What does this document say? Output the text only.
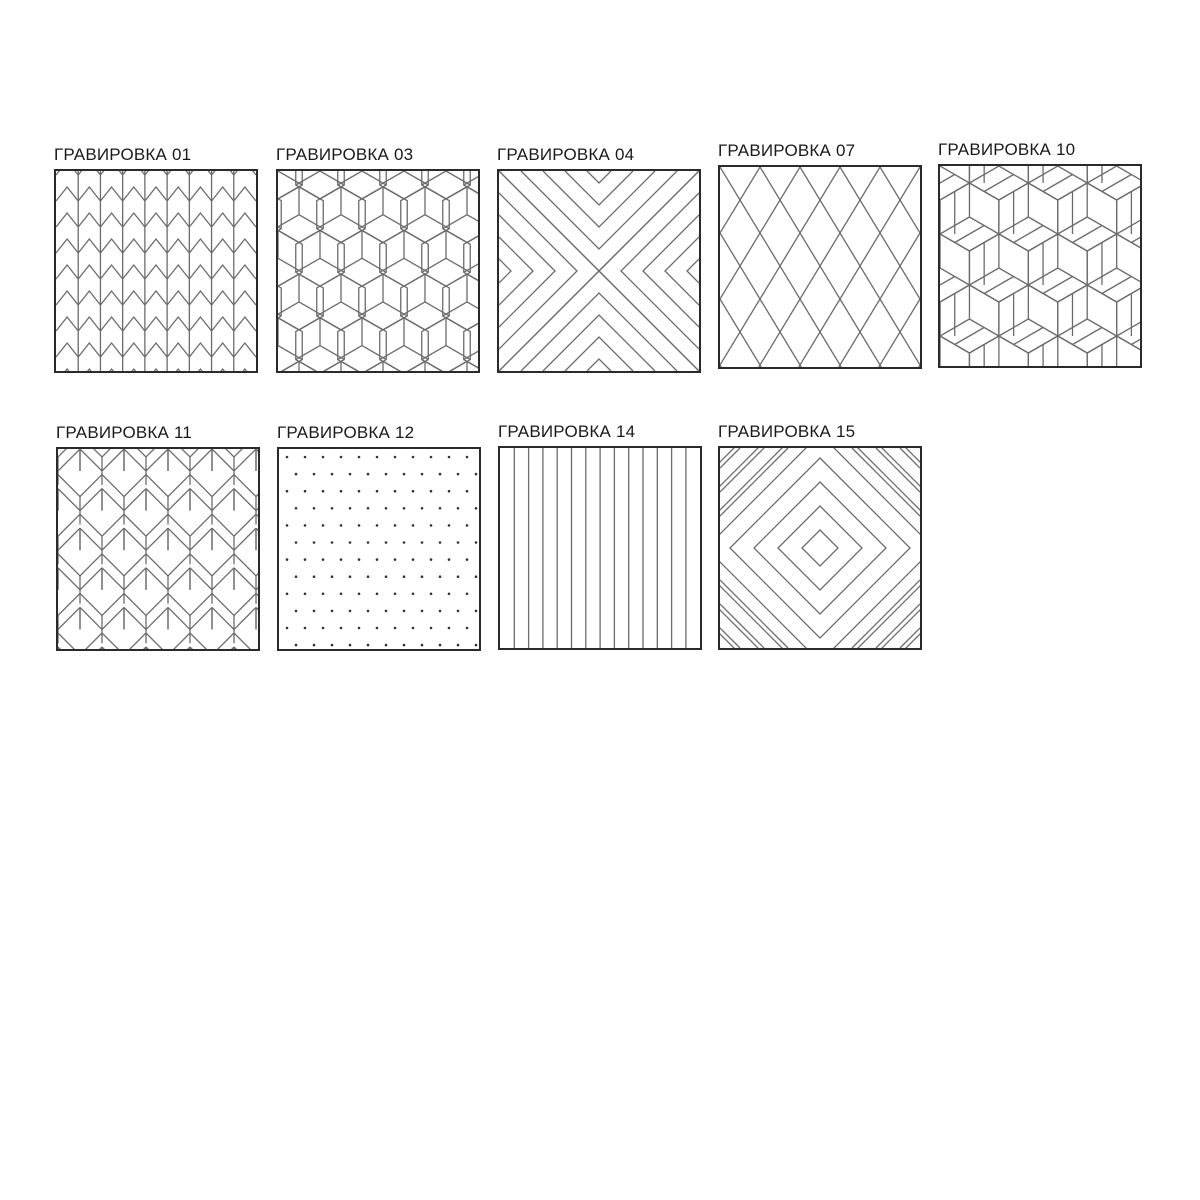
ГРАВИРОВКА 01	ГРАВИРОВКА 03	ГРАВИРОВКА 04	ГРАВИРОВКА 07	ГРАВИРОВКА 10
ГРАВИРОВКА 11	ГРАВИРОВКА 12	ГРАВИРОВКА 14	ГРАВИРОВКА 15
